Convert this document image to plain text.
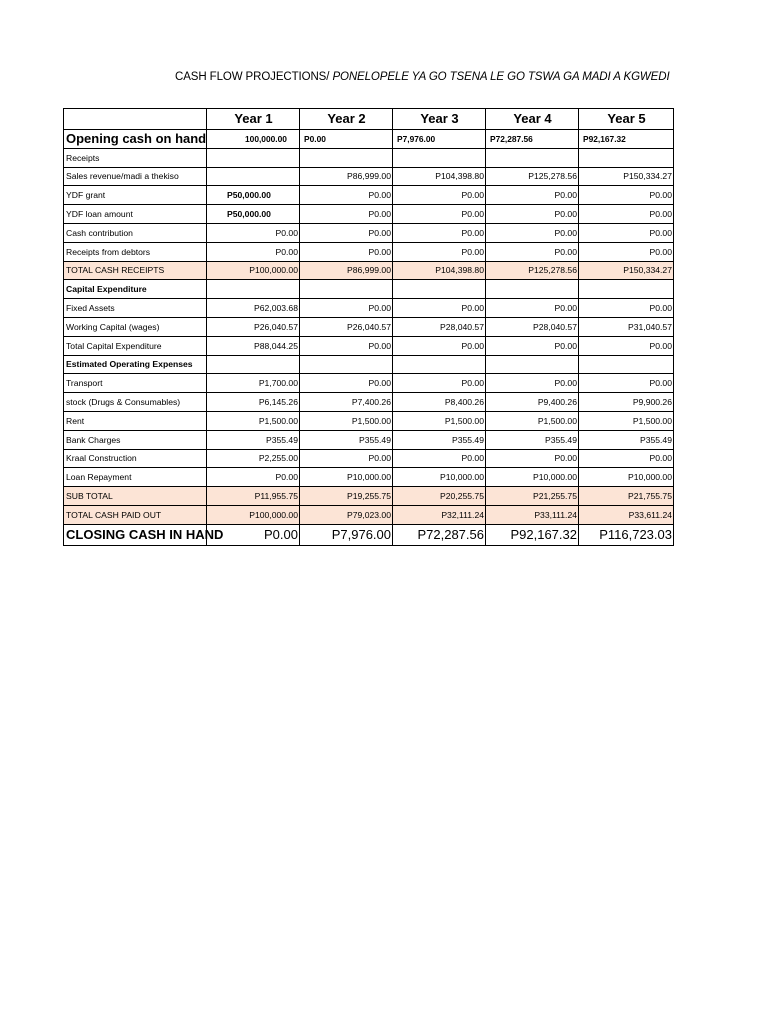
CASH FLOW PROJECTIONS/ PONELOPELE YA GO TSENA LE GO TSWA GA MADI A KGWEDI
	Year 1	Year 2	Year 3	Year 4	Year 5
Opening cash on hand	100,000.00	P0.00	P7,976.00	P72,287.56	P92,167.32
Receipts					
Sales revenue/madi a thekiso		P86,999.00	P104,398.80	P125,278.56	P150,334.27
YDF grant	P50,000.00	P0.00	P0.00	P0.00	P0.00
YDF loan amount	P50,000.00	P0.00	P0.00	P0.00	P0.00
Cash contribution	P0.00	P0.00	P0.00	P0.00	P0.00
Receipts from debtors	P0.00	P0.00	P0.00	P0.00	P0.00
TOTAL CASH RECEIPTS	P100,000.00	P86,999.00	P104,398.80	P125,278.56	P150,334.27
Capital Expenditure					
Fixed Assets	P62,003.68	P0.00	P0.00	P0.00	P0.00
Working Capital (wages)	P26,040.57	P26,040.57	P28,040.57	P28,040.57	P31,040.57
Total Capital Expenditure	P88,044.25	P0.00	P0.00	P0.00	P0.00
Estimated Operating Expenses					
Transport	P1,700.00	P0.00	P0.00	P0.00	P0.00
stock (Drugs & Consumables)	P6,145.26	P7,400.26	P8,400.26	P9,400.26	P9,900.26
Rent	P1,500.00	P1,500.00	P1,500.00	P1,500.00	P1,500.00
Bank Charges	P355.49	P355.49	P355.49	P355.49	P355.49
Kraal Construction	P2,255.00	P0.00	P0.00	P0.00	P0.00
Loan Repayment	P0.00	P10,000.00	P10,000.00	P10,000.00	P10,000.00
SUB TOTAL	P11,955.75	P19,255.75	P20,255.75	P21,255.75	P21,755.75
TOTAL CASH PAID OUT	P100,000.00	P79,023.00	P32,111.24	P33,111.24	P33,611.24
CLOSING CASH IN HAND	P0.00	P7,976.00	P72,287.56	P92,167.32	P116,723.03
